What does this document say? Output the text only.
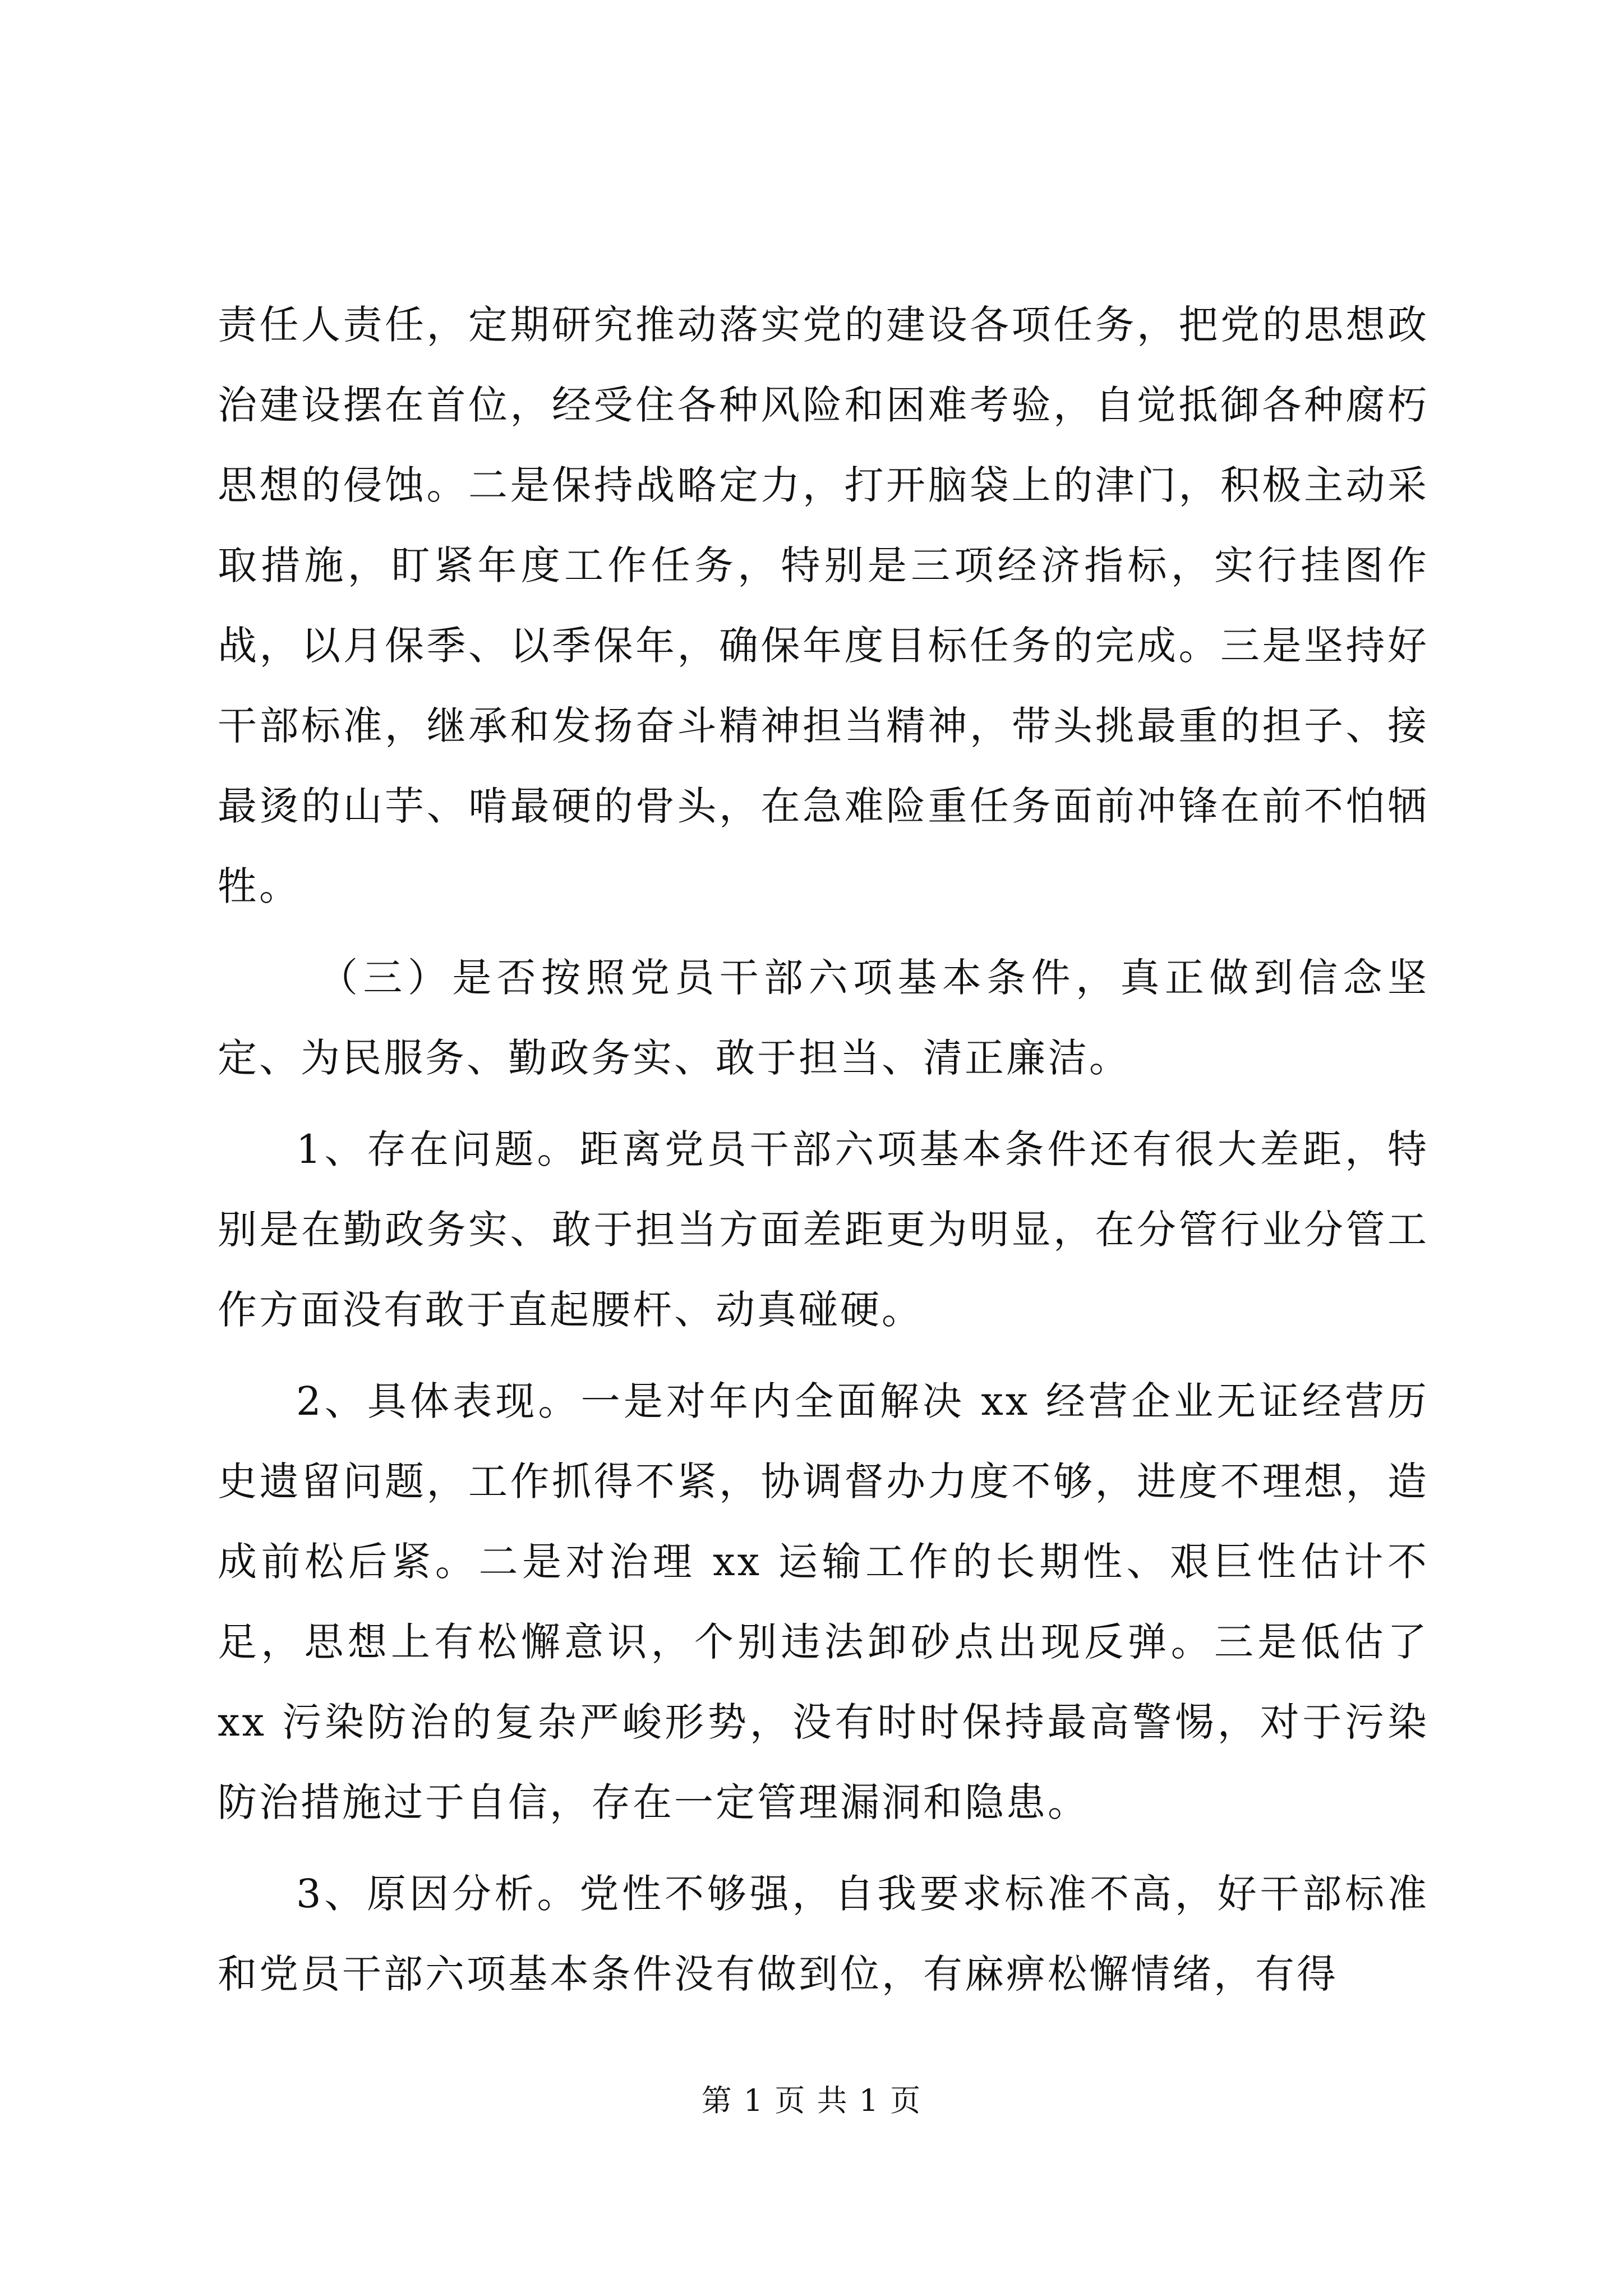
责任人责任，定期研究推动落实党的建设各项任务，把党的思想政治建设摆在首位，经受住各种风险和困难考验，自觉抵御各种腐朽思想的侵蚀。二是保持战略定力，打开脑袋上的津门，积极主动采取措施，盯紧年度工作任务，特别是三项经济指标，实行挂图作战，以月保季、以季保年，确保年度目标任务的完成。三是坚持好干部标准，继承和发扬奋斗精神担当精神，带头挑最重的担子、接最烫的山芋、啃最硬的骨头，在急难险重任务面前冲锋在前不怕牺牲。

（三）是否按照党员干部六项基本条件，真正做到信念坚定、为民服务、勤政务实、敢于担当、清正廉洁。

1、存在问题。距离党员干部六项基本条件还有很大差距，特别是在勤政务实、敢于担当方面差距更为明显，在分管行业分管工作方面没有敢于直起腰杆、动真碰硬。

2、具体表现。一是对年内全面解决 xx 经营企业无证经营历史遗留问题，工作抓得不紧，协调督办力度不够，进度不理想，造成前松后紧。二是对治理 xx 运输工作的长期性、艰巨性估计不足，思想上有松懈意识，个别违法卸砂点出现反弹。三是低估了 xx 污染防治的复杂严峻形势，没有时时保持最高警惕，对于污染防治措施过于自信，存在一定管理漏洞和隐患。

3、原因分析。党性不够强，自我要求标准不高，好干部标准和党员干部六项基本条件没有做到位，有麻痹松懈情绪，有得

第 1 页 共 1 页
